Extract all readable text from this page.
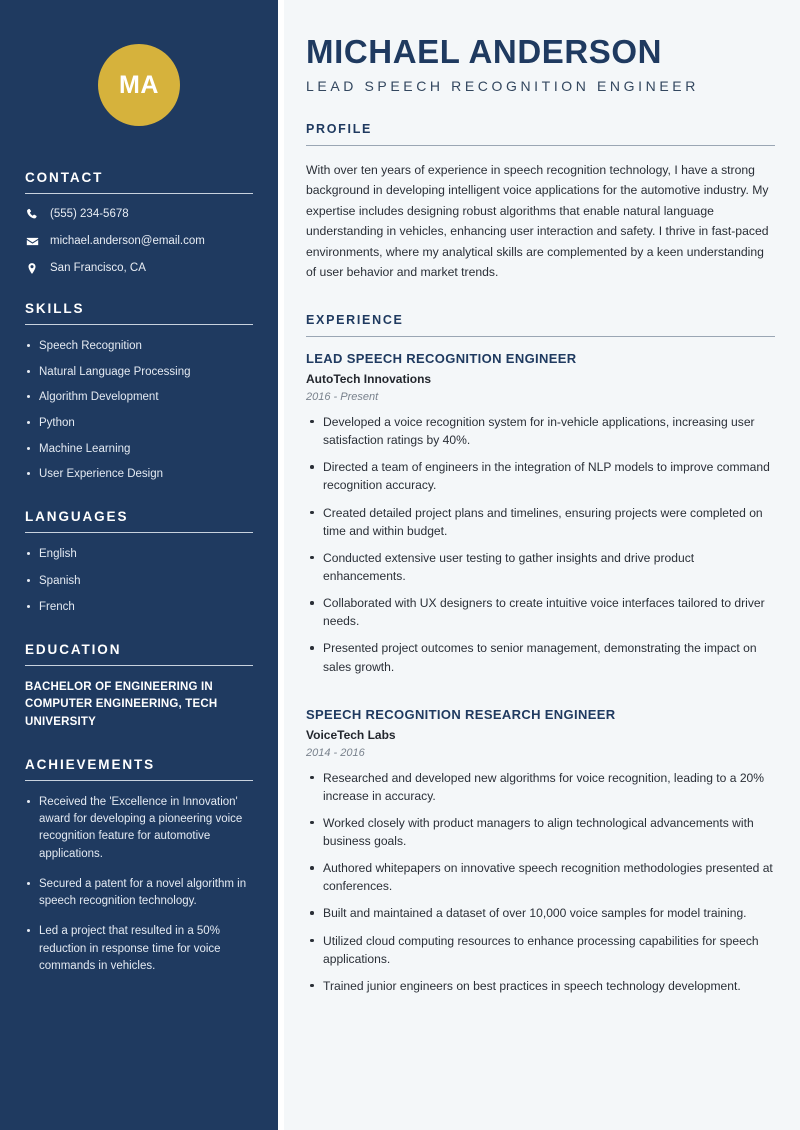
MA
CONTACT
(555) 234-5678
michael.anderson@email.com
San Francisco, CA
SKILLS
Speech Recognition
Natural Language Processing
Algorithm Development
Python
Machine Learning
User Experience Design
LANGUAGES
English
Spanish
French
EDUCATION
BACHELOR OF ENGINEERING IN COMPUTER ENGINEERING, TECH UNIVERSITY
ACHIEVEMENTS
Received the 'Excellence in Innovation' award for developing a pioneering voice recognition feature for automotive applications.
Secured a patent for a novel algorithm in speech recognition technology.
Led a project that resulted in a 50% reduction in response time for voice commands in vehicles.
MICHAEL ANDERSON
LEAD SPEECH RECOGNITION ENGINEER
PROFILE

With over ten years of experience in speech recognition technology, I have a strong background in developing intelligent voice applications for the automotive industry. My expertise includes designing robust algorithms that enable natural language understanding in vehicles, enhancing user interaction and safety. I thrive in fast-paced environments, where my analytical skills are complemented by a keen understanding of user behavior and market trends.

EXPERIENCE
LEAD SPEECH RECOGNITION ENGINEER
AutoTech Innovations
2016 - Present
Developed a voice recognition system for in-vehicle applications, increasing user satisfaction ratings by 40%.
Directed a team of engineers in the integration of NLP models to improve command recognition accuracy.
Created detailed project plans and timelines, ensuring projects were completed on time and within budget.
Conducted extensive user testing to gather insights and drive product enhancements.
Collaborated with UX designers to create intuitive voice interfaces tailored to driver needs.
Presented project outcomes to senior management, demonstrating the impact on sales growth.
SPEECH RECOGNITION RESEARCH ENGINEER
VoiceTech Labs
2014 - 2016
Researched and developed new algorithms for voice recognition, leading to a 20% increase in accuracy.
Worked closely with product managers to align technological advancements with business goals.
Authored whitepapers on innovative speech recognition methodologies presented at conferences.
Built and maintained a dataset of over 10,000 voice samples for model training.
Utilized cloud computing resources to enhance processing capabilities for speech applications.
Trained junior engineers on best practices in speech technology development.
